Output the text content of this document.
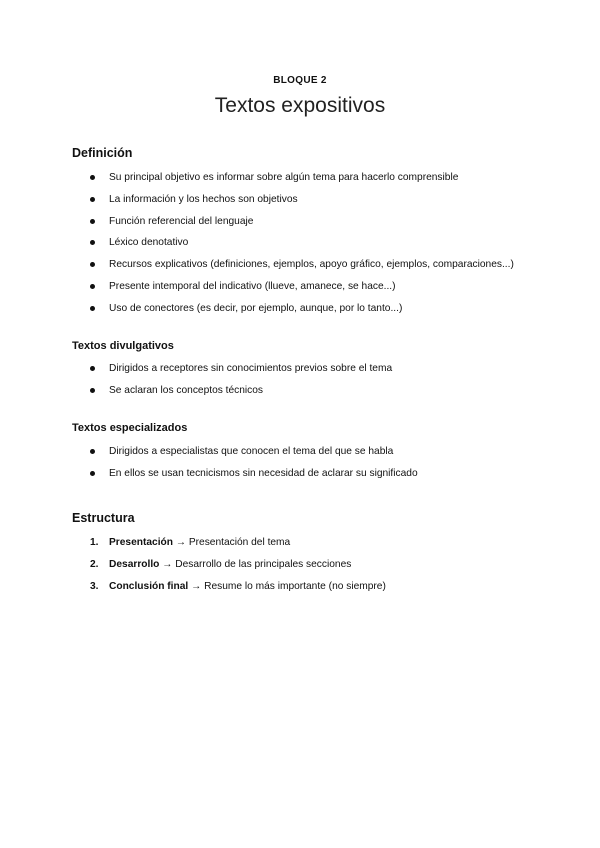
BLOQUE 2
Textos expositivos
Definición
Su principal objetivo es informar sobre algún tema para hacerlo comprensible
La información y los hechos son objetivos
Función referencial del lenguaje
Léxico denotativo
Recursos explicativos (definiciones, ejemplos, apoyo gráfico, ejemplos, comparaciones...)
Presente intemporal del indicativo (llueve, amanece, se hace...)
Uso de conectores (es decir, por ejemplo, aunque, por lo tanto...)
Textos divulgativos
Dirigidos a receptores sin conocimientos previos sobre el tema
Se aclaran los conceptos técnicos
Textos especializados
Dirigidos a especialistas que conocen el tema del que se habla
En ellos se usan tecnicismos sin necesidad de aclarar su significado
Estructura
1. Presentación → Presentación del tema
2. Desarrollo → Desarrollo de las principales secciones
3. Conclusión final → Resume lo más importante (no siempre)
